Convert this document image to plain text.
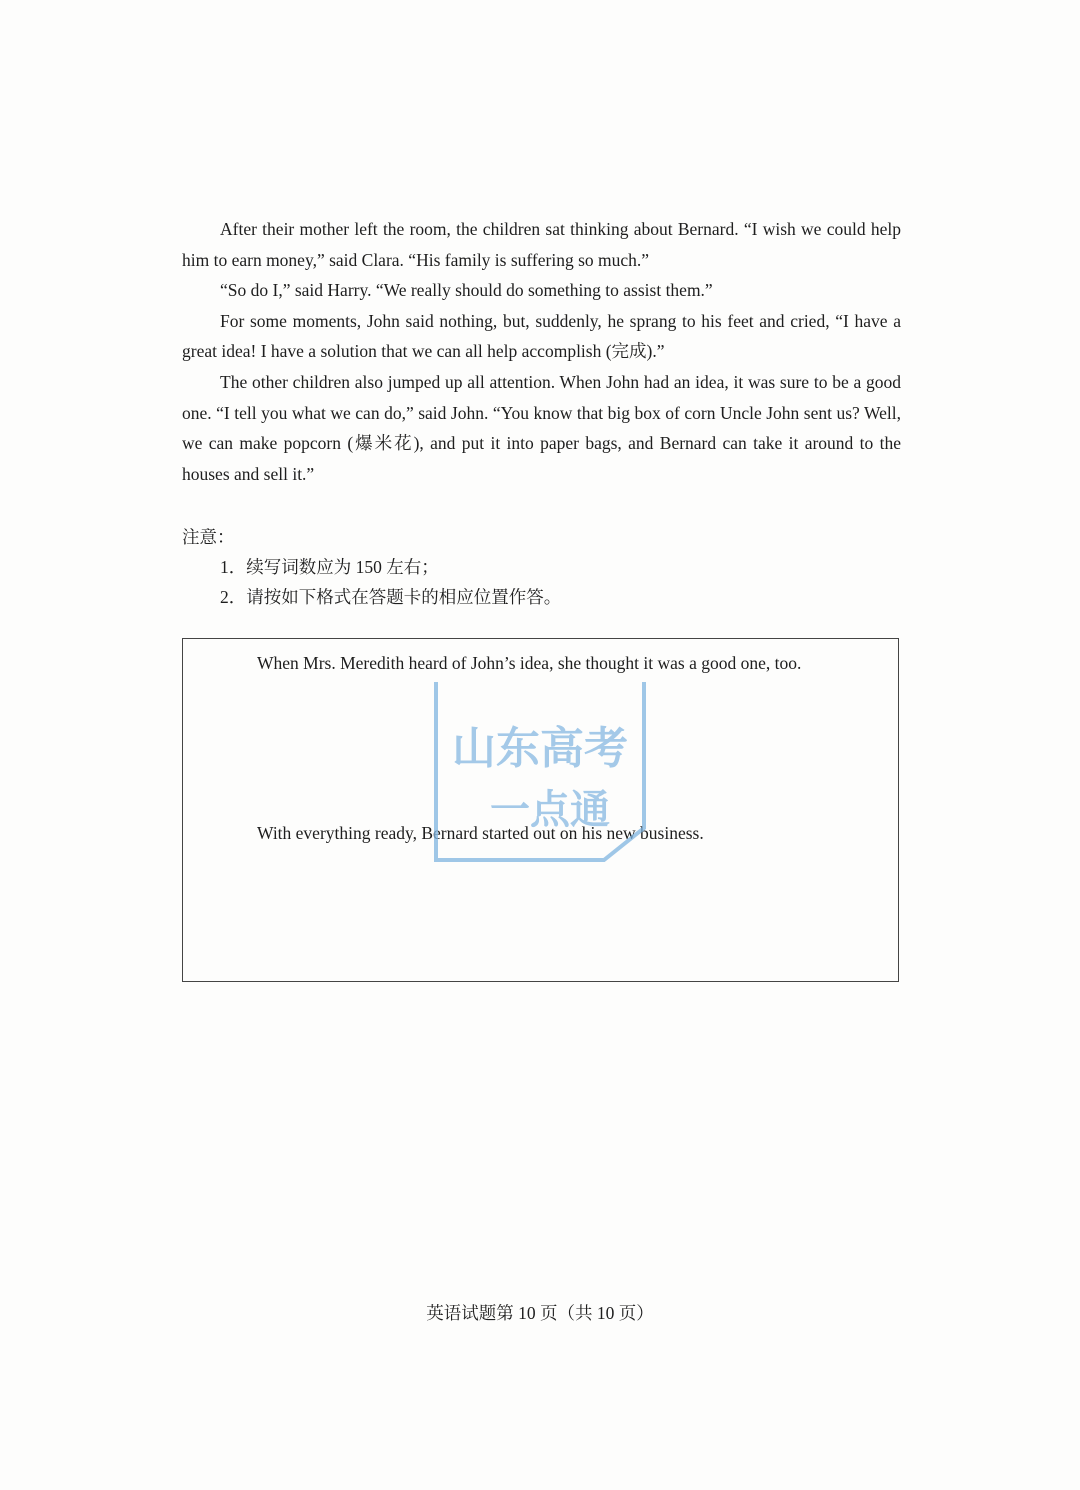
After their mother left the room, the children sat thinking about Bernard. “I wish we could help him to earn money,” said Clara. “His family is suffering so much.”

“So do I,” said Harry. “We really should do something to assist them.”

For some moments, John said nothing, but, suddenly, he sprang to his feet and cried, “I have a great idea! I have a solution that we can all help accomplish (完成).”

The other children also jumped up all attention. When John had an idea, it was sure to be a good one. “I tell you what we can do,” said John. “You know that big box of corn Uncle John sent us? Well, we can make popcorn (爆米花), and put it into paper bags, and Bernard can take it around to the houses and sell it.”

注意：

1．续写词数应为 150 左右；

2．请按如下格式在答题卡的相应位置作答。

When Mrs. Meredith heard of John’s idea, she thought it was a good one, too.

With everything ready, Bernard started out on his new business.

山东高考
一点通

英语试题第 10 页（共 10 页）
